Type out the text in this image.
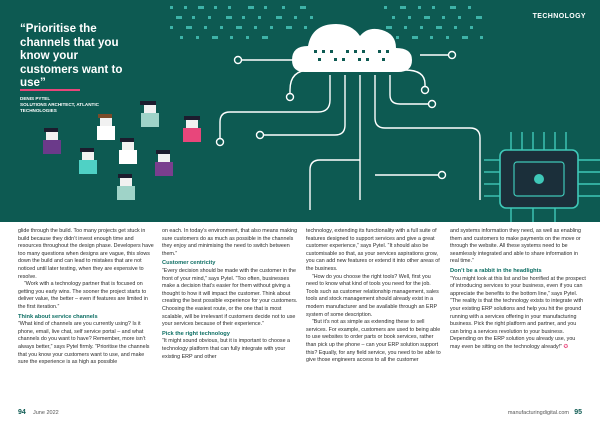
“Prioritise the channels that you know your customers want to use”
DENIS PYTEL
SOLUTIONS ARCHITECT, ATLANTIC TECHNOLOGIES
TECHNOLOGY

glide through the build. Too many projects get stuck in build because they didn’t invest enough time and resources throughout the design phase. Developers have too many questions when designs are vague, this slows down the build and can lead to mistakes that are not noticed until later testing, when they are expensive to resolve.

“Work with a technology partner that is focused on getting you early wins. The sooner the project starts to deliver value, the better – even if features are limited in the first iteration.”

Think about service channels

“What kind of channels are you currently using? Is it phone, email, live chat, self service portal – and what channels do you want to have? Remember, more isn’t always better,” says Pytel firmly. “Prioritise the channels that you know your customers want to use, and make sure the experience is as high as possible

on each. In today’s environment, that also means making sure customers do as much as possible in the channels they enjoy and minimising the need to switch between them.”

Customer centricity

“Every decision should be made with the customer in the front of your mind,” says Pytel. “Too often, businesses make a decision that’s easier for them without giving a thought to how it will impact the customer. Think about creating the best possible experience for your customers. Choosing the easiest route, or the one that is most scalable, will be irrelevant if customers decide not to use your services because of their experience.”

Pick the right technology

“It might sound obvious, but it is important to choose a technology platform that can fully integrate with your existing ERP and other

technology, extending its functionality with a full suite of features designed to support services and give a great customer experience,” says Pytel. “It should also be customisable so that, as your services aspirations grow, you can add new features or extend it into other areas of the business.

“How do you choose the right tools? Well, first you need to know what kind of tools you need for the job. Tools such as customer relationship management, sales tools and stock management should already exist in a modern manufacturer and be available through an ERP system of some description.

“But it’s not as simple as extending these to sell services. For example, customers are used to being able to use websites to order parts or book services, rather than pick up the phone – can your ERP solution support this? Equally, for any field service, you need to be able to give those engineers access to all the customer

and systems information they need, as well as enabling them and customers to make payments on the move or through the website. All these systems need to be seamlessly integrated and able to share information in real time.”

Don’t be a rabbit in the headlights

“You might look at this list and be horrified at the prospect of introducing services to your business, even if you can appreciate the benefits to the bottom line,” says Pytel. “The reality is that the technology exists to integrate with your existing ERP solutions and help you hit the ground running with a services offering in your manufacturing business. Pick the right platform and partner, and you can bring a services revolution to your business. Depending on the ERP solution you already use, you may even be sitting on the technology already!” ✪

94 June 2022	manufacturingdigital.com 95
